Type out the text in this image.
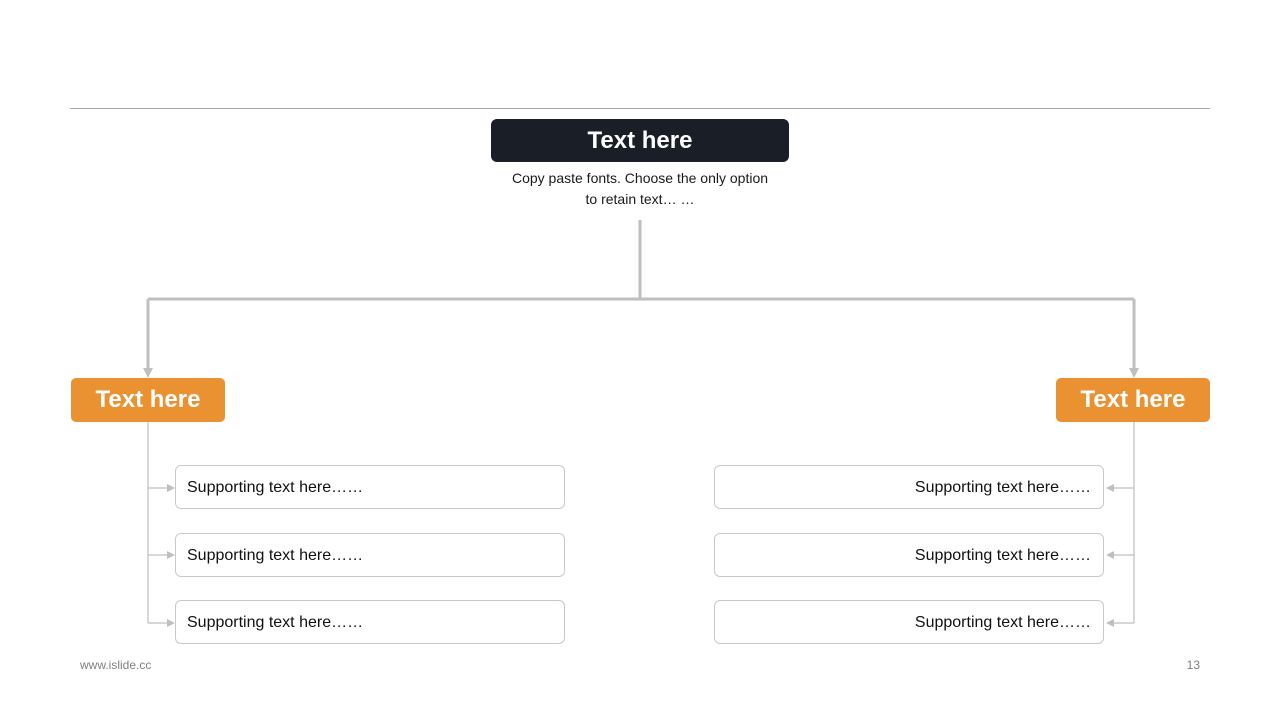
Text here
Copy paste fonts. Choose the only option
to retain text… …
Text here	Text here
Supporting text here……
Supporting text here……
Supporting text here……
Supporting text here……
Supporting text here……
Supporting text here……
www.islide.cc	13
